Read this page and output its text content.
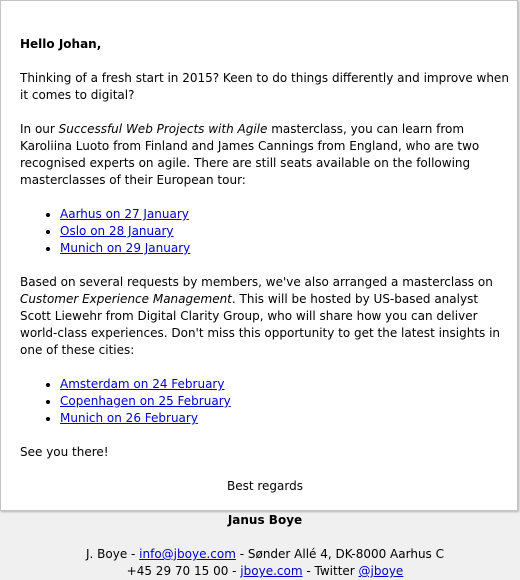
Hello Johan,

Thinking of a fresh start in 2015? Keen to do things differently and improve when it comes to digital?

In our Successful Web Projects with Agile masterclass, you can learn from Karoliina Luoto from Finland and James Cannings from England, who are two recognised experts on agile. There are still seats available on the following masterclasses of their European tour:

• Aarhus on 27 January
• Oslo on 28 January
• Munich on 29 January

Based on several requests by members, we've also arranged a masterclass on Customer Experience Management. This will be hosted by US-based analyst Scott Liewehr from Digital Clarity Group, who will share how you can deliver world-class experiences. Don't miss this opportunity to get the latest insights in one of these cities:

• Amsterdam on 24 February
• Copenhagen on 25 February
• Munich on 26 February

See you there!

Best regards

Janus Boye

J. Boye - info@jboye.com - Sønder Allé 4, DK-8000 Aarhus C
+45 29 70 15 00 - jboye.com - Twitter @jboye
